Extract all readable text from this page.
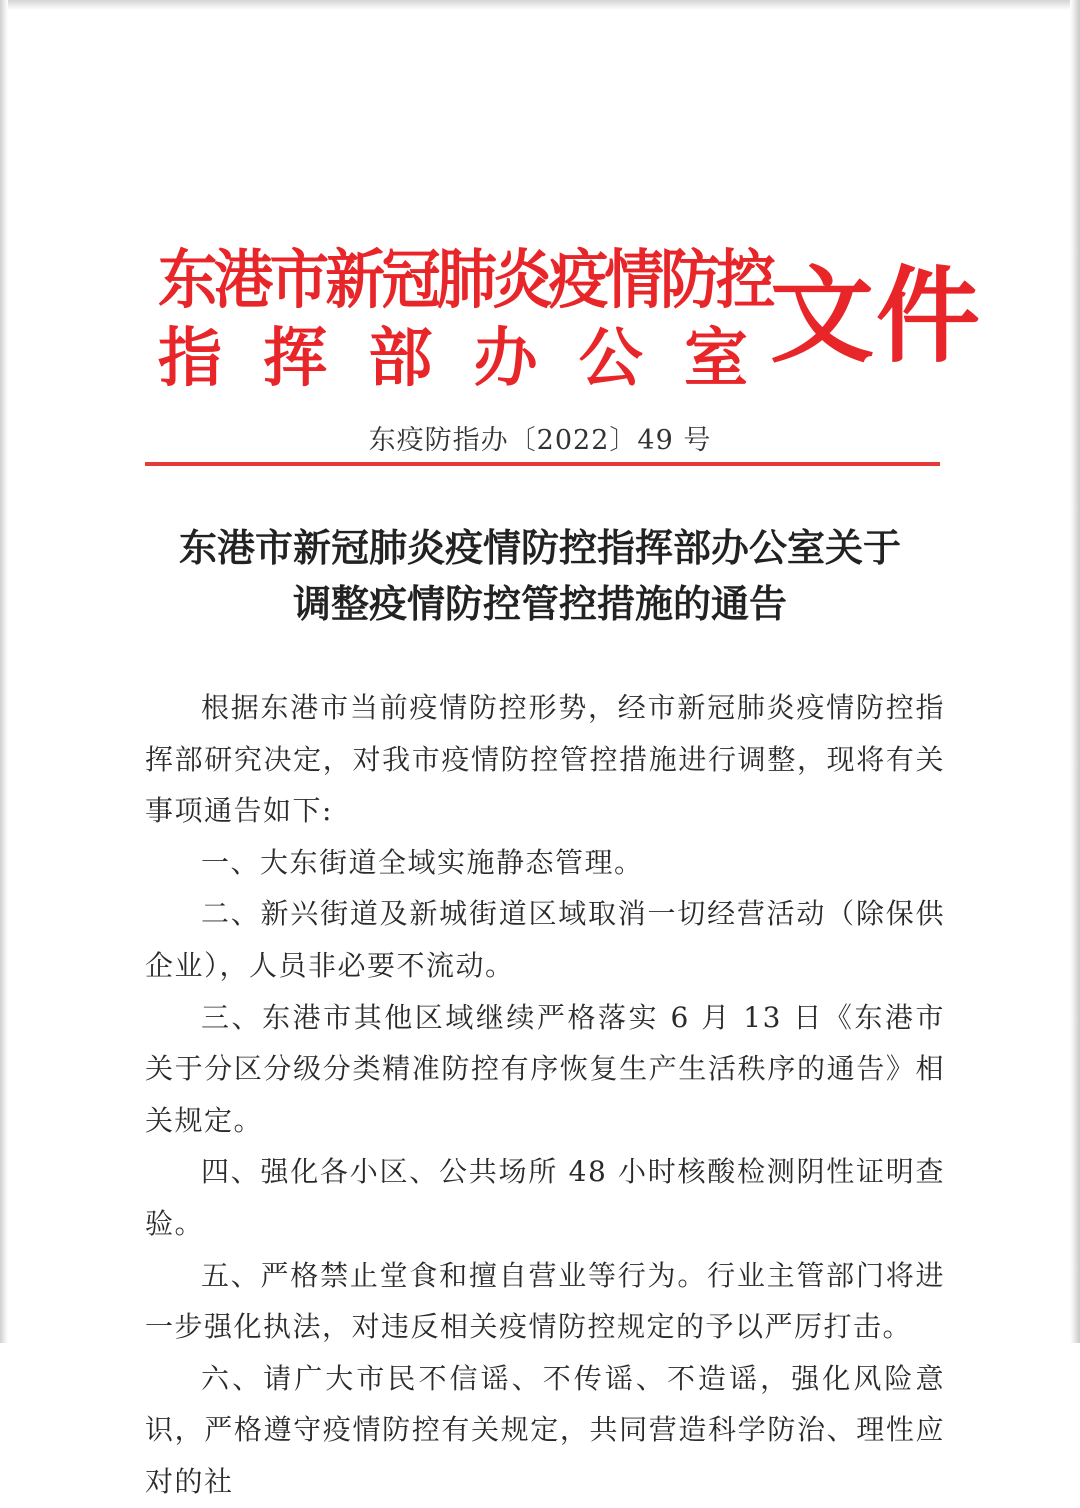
东港市新冠肺炎疫情防控
指 挥 部 办 公 室 文件
东疫防指办〔2022〕49 号
东港市新冠肺炎疫情防控指挥部办公室关于
调整疫情防控管控措施的通告

根据东港市当前疫情防控形势，经市新冠肺炎疫情防控指挥部研究决定，对我市疫情防控管控措施进行调整，现将有关事项通告如下:

一、大东街道全域实施静态管理。

二、新兴街道及新城街道区域取消一切经营活动（除保供企业），人员非必要不流动。

三、东港市其他区域继续严格落实 6 月 13 日《东港市关于分区分级分类精准防控有序恢复生产生活秩序的通告》相关规定。

四、强化各小区、公共场所 48 小时核酸检测阴性证明查验。

五、严格禁止堂食和擅自营业等行为。行业主管部门将进一步强化执法，对违反相关疫情防控规定的予以严厉打击。

六、请广大市民不信谣、不传谣、不造谣，强化风险意识，严格遵守疫情防控有关规定，共同营造科学防治、理性应对的社
